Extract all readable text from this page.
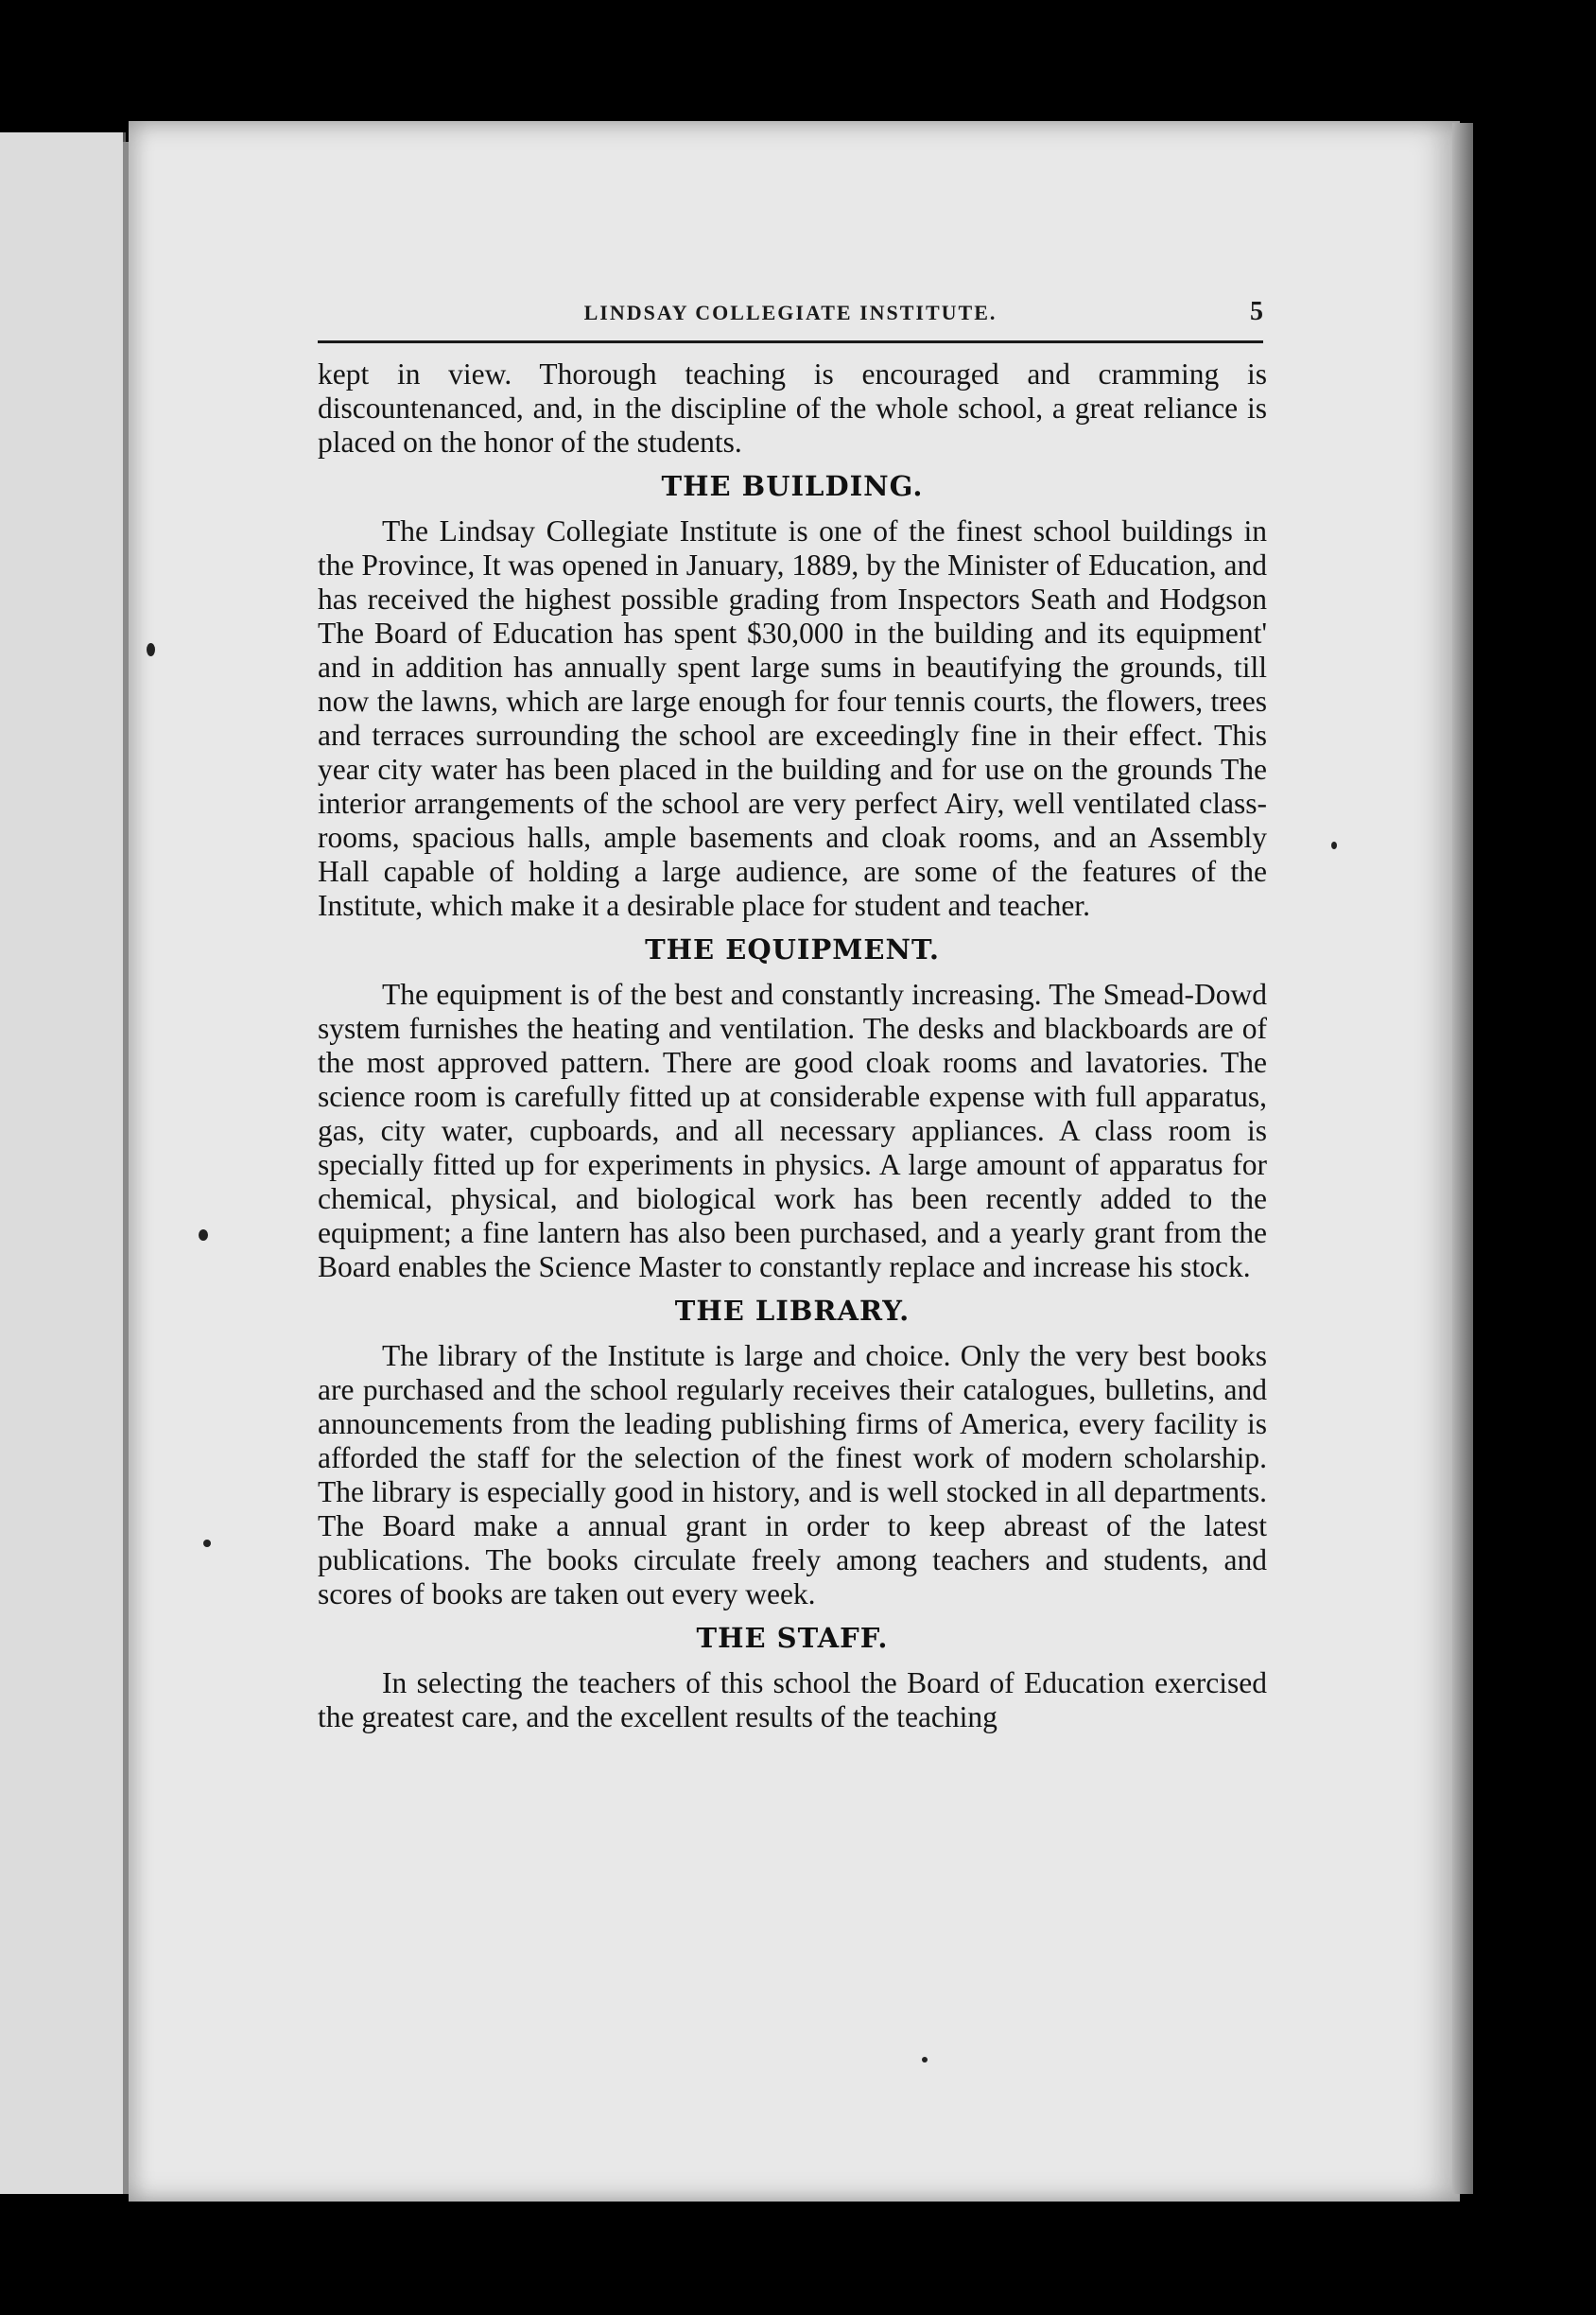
LINDSAY COLLEGIATE INSTITUTE.	5

kept in view. Thorough teaching is encouraged and cramming is discountenanced, and, in the discipline of the whole school, a great reliance is placed on the honor of the students.

THE BUILDING.

The Lindsay Collegiate Institute is one of the finest school buildings in the Province, It was opened in January, 1889, by the Minister of Education, and has received the highest possible grading from Inspectors Seath and Hodgson The Board of Education has spent $30,000 in the building and its equipment' and in addition has annually spent large sums in beautifying the grounds, till now the lawns, which are large enough for four tennis courts, the flowers, trees and terraces surrounding the school are exceedingly fine in their effect. This year city water has been placed in the building and for use on the grounds The interior arrangements of the school are very perfect Airy, well ventilated class-rooms, spacious halls, ample basements and cloak rooms, and an Assembly Hall capable of holding a large audience, are some of the features of the Institute, which make it a desirable place for student and teacher.

THE EQUIPMENT.

The equipment is of the best and constantly increasing. The Smead-Dowd system furnishes the heating and ventilation. The desks and blackboards are of the most approved pattern. There are good cloak rooms and lavatories. The science room is carefully fitted up at considerable expense with full apparatus, gas, city water, cupboards, and all necessary appliances. A class room is specially fitted up for experiments in physics. A large amount of apparatus for chemical, physical, and biological work has been recently added to the equipment; a fine lantern has also been purchased, and a yearly grant from the Board enables the Science Master to constantly replace and increase his stock.

THE LIBRARY.

The library of the Institute is large and choice. Only the very best books are purchased and the school regularly receives their catalogues, bulletins, and announcements from the leading publishing firms of America, every facility is afforded the staff for the selection of the finest work of modern scholarship. The library is especially good in history, and is well stocked in all departments. The Board make a annual grant in order to keep abreast of the latest publications. The books circulate freely among teachers and students, and scores of books are taken out every week.

THE STAFF.

In selecting the teachers of this school the Board of Education exercised the greatest care, and the excellent results of the teaching
